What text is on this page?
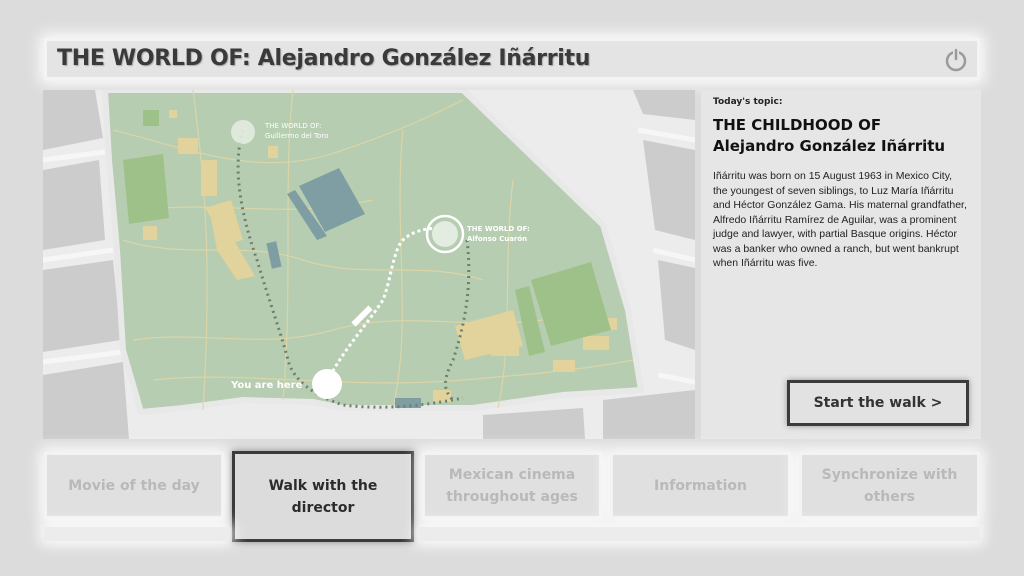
THE WORLD OF: Alejandro González Iñárritu
THE WORLD OF:
Guillermo del Toro
THE WORLD OF:
Alfonso Cuarón
You are here
Today's topic:
THE CHILDHOOD OF
Alejandro González Iñárritu
Iñárritu was born on 15 August 1963 in Mexico City, the youngest of seven siblings, to Luz María Iñárritu and Héctor González Gama. His maternal grandfather, Alfredo Iñárritu Ramírez de Aguilar, was a prominent judge and lawyer, with partial Basque origins. Héctor was a banker who owned a ranch, but went bankrupt when Iñárritu was five.
Start the walk >
Movie of the day	Walk with the director
Mexican cinema throughout ages
Information
Synchronize with others
